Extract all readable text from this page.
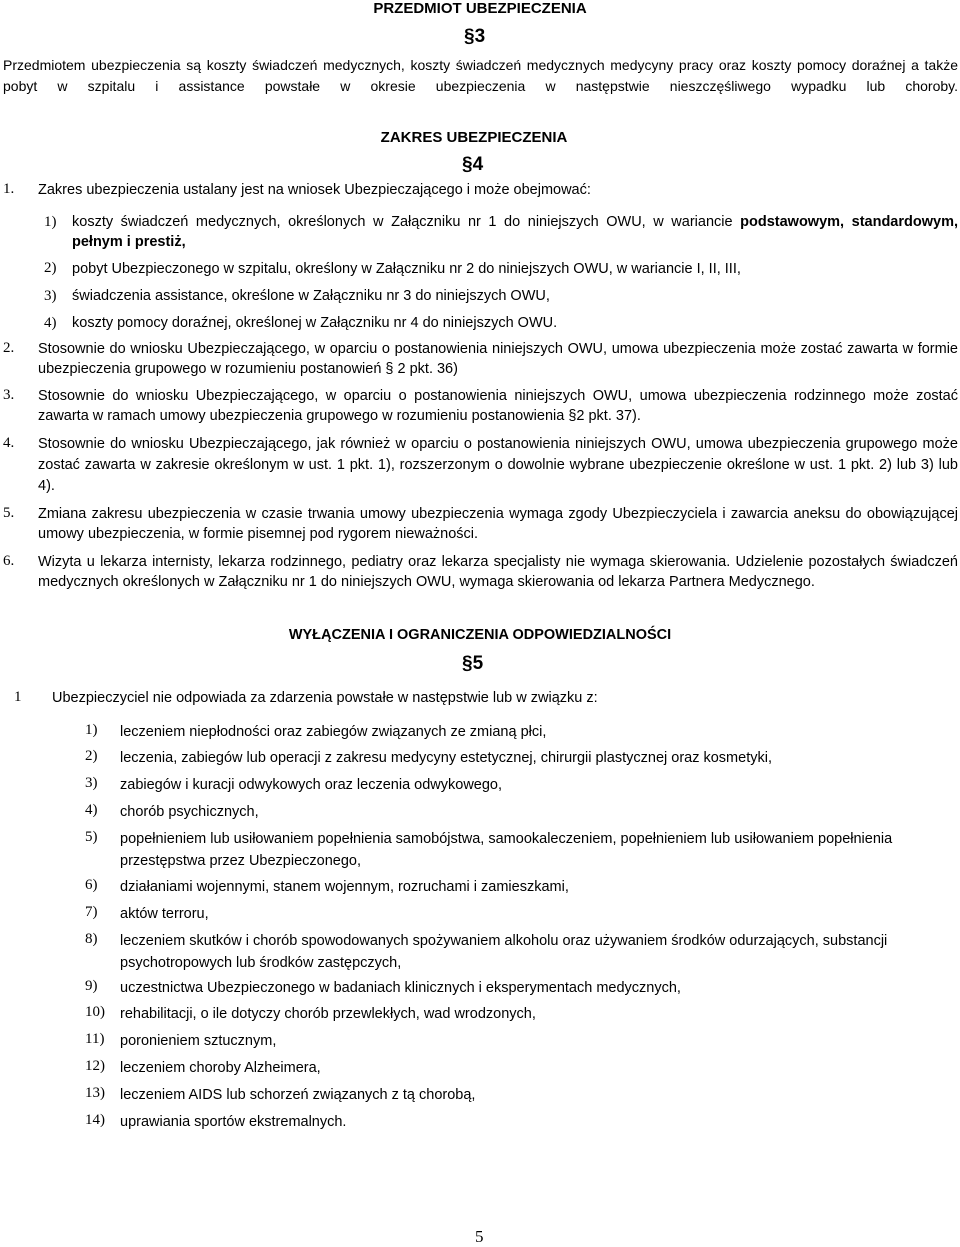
PRZEDMIOT UBEZPIECZENIA
§3
Przedmiotem ubezpieczenia są koszty świadczeń medycznych, koszty świadczeń medycznych medycyny pracy oraz koszty pomocy doraźnej a także pobyt w szpitalu i assistance powstałe w okresie ubezpieczenia w następstwie nieszczęśliwego wypadku lub choroby.
ZAKRES UBEZPIECZENIA
§4
1. Zakres ubezpieczenia ustalany jest na wniosek Ubezpieczającego i może obejmować:
1) koszty świadczeń medycznych, określonych w Załączniku nr 1 do niniejszych OWU, w wariancie podstawowym, standardowym, pełnym i prestiż,
2) pobyt Ubezpieczonego w szpitalu, określony w Załączniku nr 2 do niniejszych OWU, w wariancie I, II, III,
3) świadczenia assistance, określone w Załączniku nr 3 do niniejszych OWU,
4) koszty pomocy doraźnej, określonej w Załączniku nr 4 do niniejszych OWU.
2. Stosownie do wniosku Ubezpieczającego, w oparciu o postanowienia niniejszych OWU, umowa ubezpieczenia może zostać zawarta w formie ubezpieczenia grupowego w rozumieniu postanowień § 2 pkt. 36)
3. Stosownie do wniosku Ubezpieczającego, w oparciu o postanowienia niniejszych OWU, umowa ubezpieczenia rodzinnego może zostać zawarta w ramach umowy ubezpieczenia grupowego w rozumieniu postanowienia §2 pkt. 37).
4. Stosownie do wniosku Ubezpieczającego, jak również w oparciu o postanowienia niniejszych OWU, umowa ubezpieczenia grupowego może zostać zawarta w zakresie określonym w ust. 1 pkt. 1), rozszerzonym o dowolnie wybrane ubezpieczenie określone w ust. 1 pkt. 2) lub 3) lub 4).
5. Zmiana zakresu ubezpieczenia w czasie trwania umowy ubezpieczenia wymaga zgody Ubezpieczyciela i zawarcia aneksu do obowiązującej umowy ubezpieczenia, w formie pisemnej pod rygorem nieważności.
6. Wizyta u lekarza internisty, lekarza rodzinnego, pediatry oraz lekarza specjalisty nie wymaga skierowania. Udzielenie pozostałych świadczeń medycznych określonych w Załączniku nr 1 do niniejszych OWU, wymaga skierowania od lekarza Partnera Medycznego.
WYŁĄCZENIA I OGRANICZENIA ODPOWIEDZIALNOŚCI
§5
1 Ubezpieczyciel nie odpowiada za zdarzenia powstałe w następstwie lub w związku z:
1) leczeniem niepłodności oraz zabiegów związanych ze zmianą płci,
2) leczenia, zabiegów lub operacji z zakresu medycyny estetycznej, chirurgii plastycznej oraz kosmetyki,
3) zabiegów i kuracji odwykowych oraz leczenia odwykowego,
4) chorób psychicznych,
5) popełnieniem lub usiłowaniem popełnienia samobójstwa, samookaleczeniem, popełnieniem lub usiłowaniem popełnienia przestępstwa przez Ubezpieczonego,
6) działaniami wojennymi, stanem wojennym, rozruchami i zamieszkami,
7) aktów terroru,
8) leczeniem skutków i chorób spowodowanych spożywaniem alkoholu oraz używaniem środków odurzających, substancji psychotropowych lub środków zastępczych,
9) uczestnictwa Ubezpieczonego w badaniach klinicznych i eksperymentach medycznych,
10) rehabilitacji, o ile dotyczy chorób przewlekłych, wad wrodzonych,
11) poronieniem sztucznym,
12) leczeniem choroby Alzheimera,
13) leczeniem AIDS lub schorzeń związanych z tą chorobą,
14) uprawiania sportów ekstremalnych.
5
